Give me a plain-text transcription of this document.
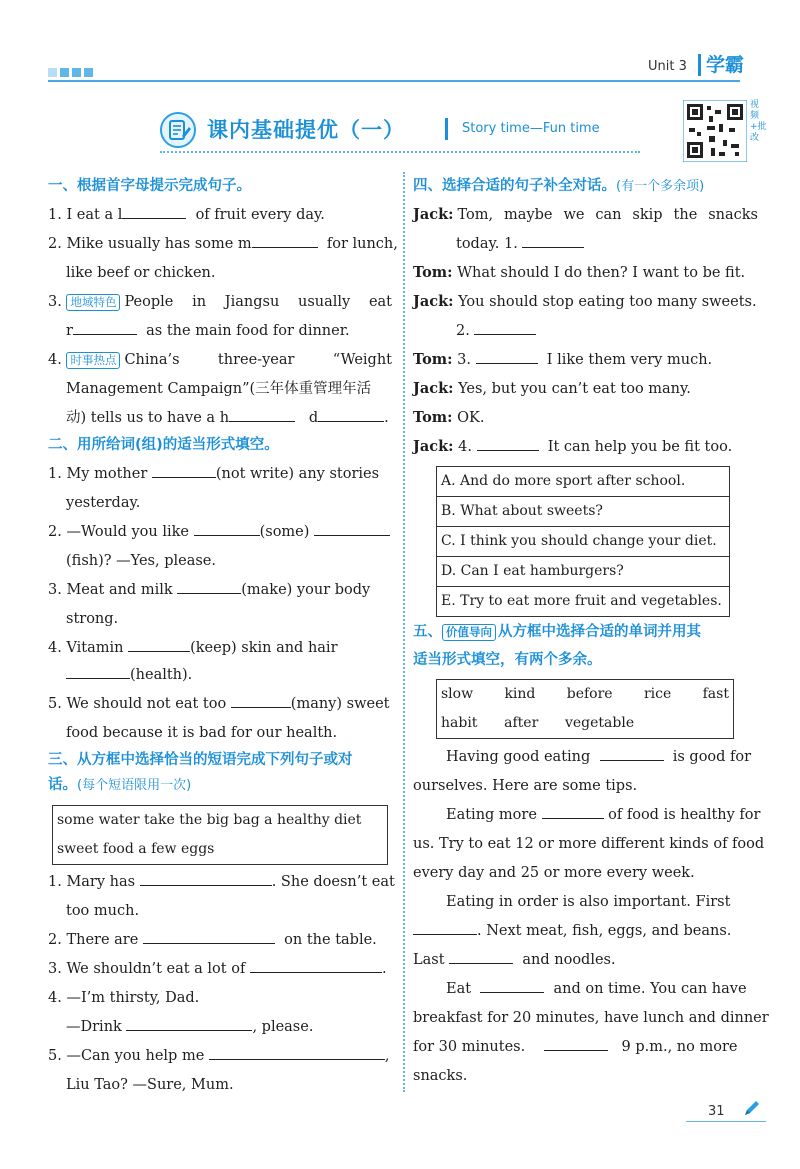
Unit 3	学霸
课内基础提优（一）	Story time—Fun time
视频+批改
一、根据首字母提示完成句子。
1. I eat a l	of fruit every day.
2. Mike usually has some m	for lunch,
like beef or chicken.
3. 地域特色 People in Jiangsu usually eat
r	as the main food for dinner.
4. 时事热点 China’s three-year “Weight
Management Campaign”(三年体重管理年活
动) tells us to have a h	d	.
二、用所给词(组)的适当形式填空。
1. My mother	(not write) any stories
yesterday.
2. —Would you like	(some)
(fish)? —Yes, please.
3. Meat and milk	(make) your body
strong.
4. Vitamin	(keep) skin and hair
(health).
5. We should not eat too	(many) sweet
food because it is bad for our health.
三、从方框中选择恰当的短语完成下列句子或对
话。(每个短语限用一次)
some water take the big bag a healthy diet
sweet food a few eggs
1. Mary has	. She doesn’t eat
too much.
2. There are	on the table.
3. We shouldn’t eat a lot of	.
4. —I’m thirsty, Dad.
—Drink	, please.
5. —Can you help me	,
Liu Tao? —Sure, Mum.
四、选择合适的句子补全对话。(有一个多余项)
Jack: Tom, maybe we can skip the snacks
today. 1.
Tom: What should I do then? I want to be fit.
Jack: You should stop eating too many sweets.
2.
Tom: 3.	I like them very much.
Jack: Yes, but you can’t eat too many.
Tom: OK.
Jack: 4.	It can help you be fit too.
A. And do more sport after school.
B. What about sweets?
C. I think you should change your diet.
D. Can I eat hamburgers?
E. Try to eat more fruit and vegetables.
五、 价值导向 从方框中选择合适的单词并用其
适当形式填空，有两个多余。
slow kind before rice fast
habit after vegetable
Having good eating	is good for
ourselves. Here are some tips.
Eating more	of food is healthy for
us. Try to eat 12 or more different kinds of food
every day and 25 or more every week.
Eating in order is also important. First
. Next meat, fish, eggs, and beans.
Last	and noodles.
Eat	and on time. You can have
breakfast for 20 minutes, have lunch and dinner
for 30 minutes.	9 p.m., no more
snacks.
31
